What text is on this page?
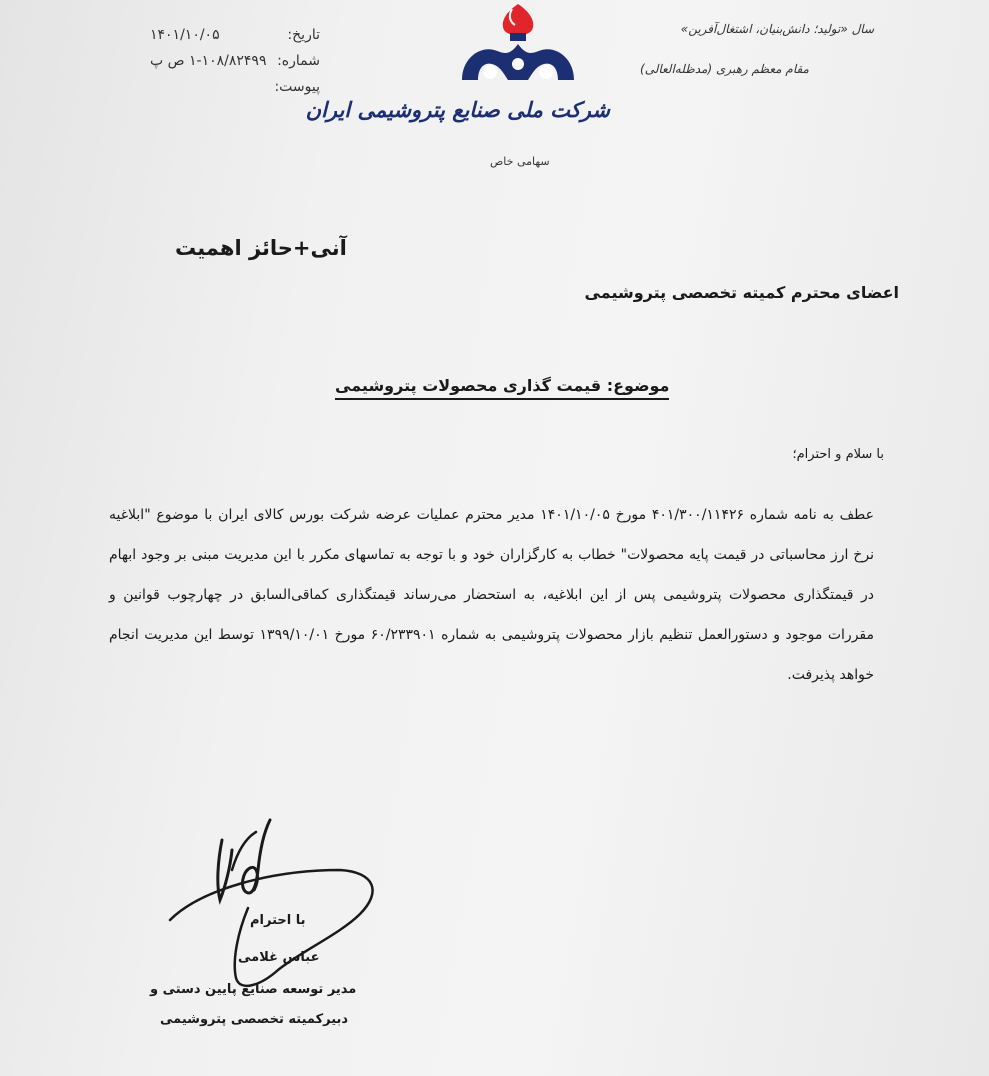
تاریخ:
۱۴۰۱/۱۰/۰۵
شماره:
۱-۱۰۸/۸۲۴۹۹ ص پ
پیوست:
سال «تولید؛ دانش‌بنیان، اشتغال‌آفرین»
مقام معظم رهبری (مدظله‌العالی)
شرکت ملی صنایع پتروشیمی ایران
سهامی خاص
آنی+حائز اهمیت
اعضای محترم کمیته تخصصی پتروشیمی
موضوع: قیمت گذاری محصولات پتروشیمی
با سلام و احترام؛

عطف به نامه شماره ۴۰۱/۳۰۰/۱۱۴۲۶ مورخ ۱۴۰۱/۱۰/۰۵ مدیر محترم عملیات عرضه شرکت بورس کالای ایران با موضوع "ابلاغیه نرخ ارز محاسباتی در قیمت پایه محصولات" خطاب به کارگزاران خود و با توجه به تماسهای مکرر با این مدیریت مبنی بر وجود ابهام در قیمتگذاری محصولات پتروشیمی پس از این ابلاغیه، به استحضار می‌رساند قیمتگذاری کماقی‌السابق در چهارچوب قوانین و مقررات موجود و دستورالعمل تنظیم بازار محصولات پتروشیمی به شماره ۶۰/۲۳۳۹۰۱ مورخ ۱۳۹۹/۱۰/۰۱ توسط این مدیریت انجام خواهد پذیرفت.

با احترام
عباس غلامی
مدیر توسعه صنایع پایین دستی و
دبیرکمیته تخصصی پتروشیمی
